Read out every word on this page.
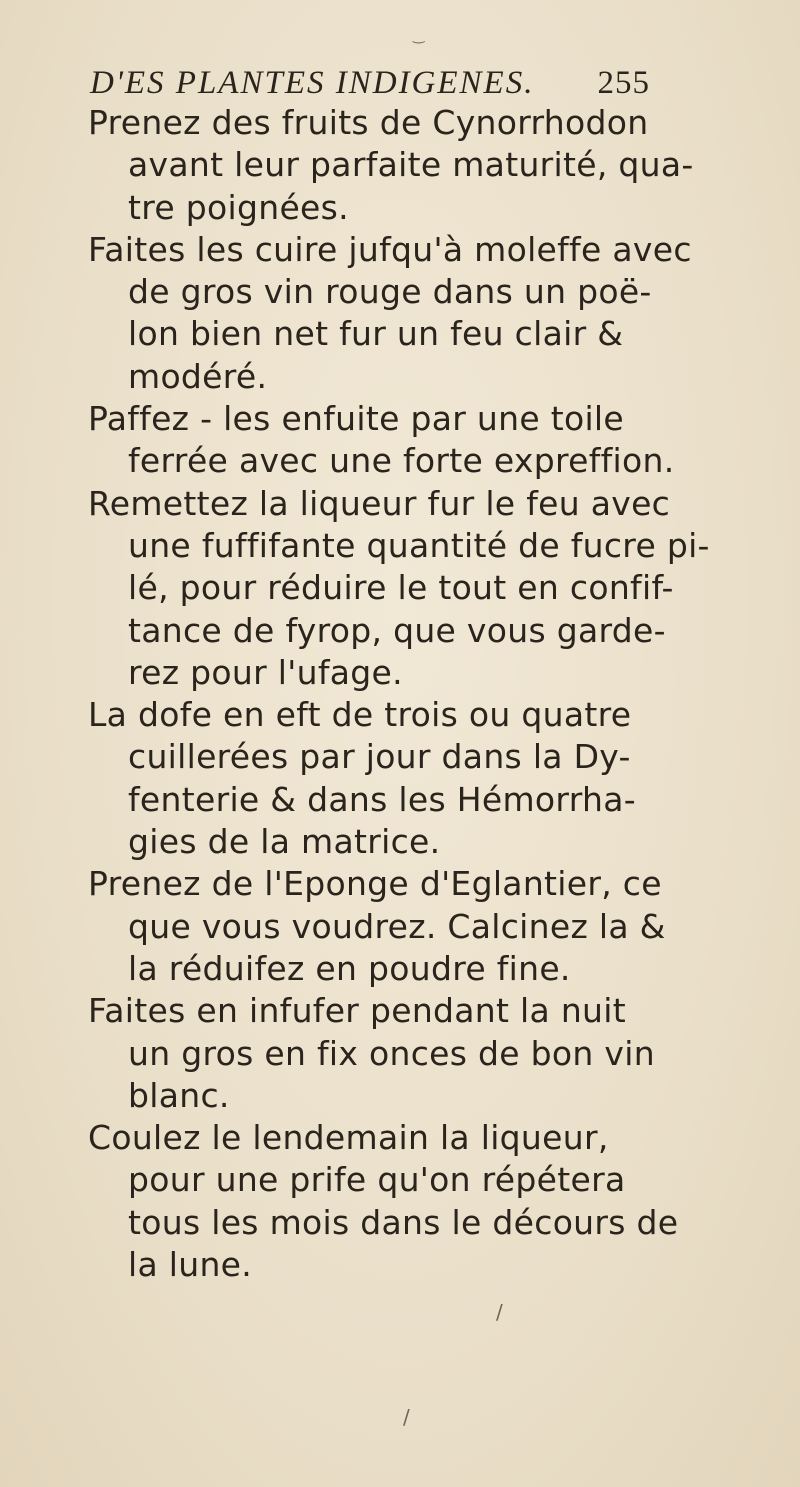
‿
D'ES PLANTES INDIGENES. 255
Prenez des fruits de Cynorrhodon
avant leur parfaite maturité, qua-
tre poignées.
Faites les cuire jufqu'à moleffe avec
de gros vin rouge dans un poë-
lon bien net fur un feu clair &
modéré.
Paffez - les enfuite par une toile
ferrée avec une forte expreffion.
Remettez la liqueur fur le feu avec
une fuffifante quantité de fucre pi-
lé, pour réduire le tout en confif-
tance de fyrop, que vous garde-
rez pour l'ufage.
La dofe en eft de trois ou quatre
cuillerées par jour dans la Dy-
fenterie & dans les Hémorrha-
gies de la matrice.
Prenez de l'Eponge d'Eglantier, ce
que vous voudrez. Calcinez la &
la réduifez en poudre fine.
Faites en infufer pendant la nuit
un gros en fix onces de bon vin
blanc.
Coulez le lendemain la liqueur,
pour une prife qu'on répétera
tous les mois dans le décours de
la lune.
/
/
